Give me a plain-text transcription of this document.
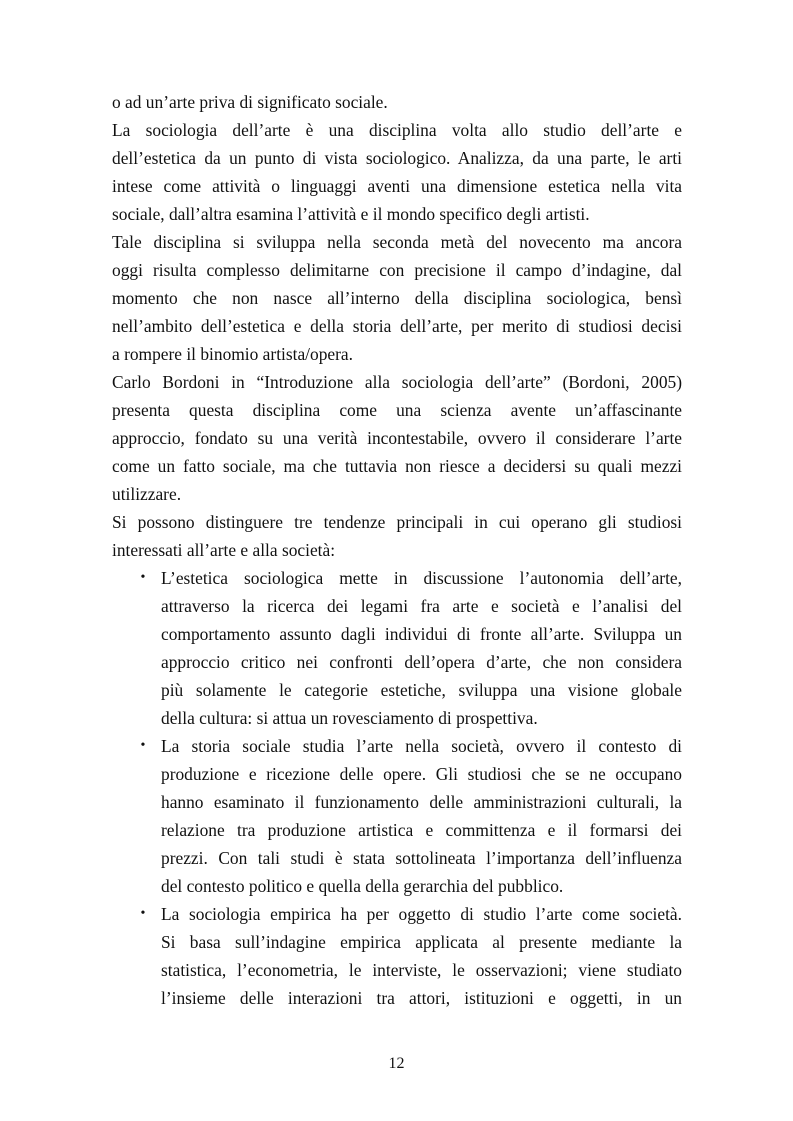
o ad un’arte priva di significato sociale.
La sociologia dell’arte è una disciplina volta allo studio dell’arte e
dell’estetica da un punto di vista sociologico. Analizza, da una parte, le arti
intese come attività o linguaggi aventi una dimensione estetica nella vita
sociale, dall’altra esamina l’attività e il mondo specifico degli artisti.
Tale disciplina si sviluppa nella seconda metà del novecento ma ancora
oggi risulta complesso delimitarne con precisione il campo d’indagine, dal
momento che non nasce all’interno della disciplina sociologica, bensì
nell’ambito dell’estetica e della storia dell’arte, per merito di studiosi decisi
a rompere il binomio artista/opera.
Carlo Bordoni in “Introduzione alla sociologia dell’arte” (Bordoni, 2005)
presenta questa disciplina come una scienza avente un’affascinante
approccio, fondato su una verità incontestabile, ovvero il considerare l’arte
come un fatto sociale, ma che tuttavia non riesce a decidersi su quali mezzi
utilizzare.
Si possono distinguere tre tendenze principali in cui operano gli studiosi
interessati all’arte e alla società:
• L’estetica sociologica mette in discussione l’autonomia dell’arte,
attraverso la ricerca dei legami fra arte e società e l’analisi del
comportamento assunto dagli individui di fronte all’arte. Sviluppa un
approccio critico nei confronti dell’opera d’arte, che non considera
più solamente le categorie estetiche, sviluppa una visione globale
della cultura: si attua un rovesciamento di prospettiva.
• La storia sociale studia l’arte nella società, ovvero il contesto di
produzione e ricezione delle opere. Gli studiosi che se ne occupano
hanno esaminato il funzionamento delle amministrazioni culturali, la
relazione tra produzione artistica e committenza e il formarsi dei
prezzi. Con tali studi è stata sottolineata l’importanza dell’influenza
del contesto politico e quella della gerarchia del pubblico.
• La sociologia empirica ha per oggetto di studio l’arte come società.
Si basa sull’indagine empirica applicata al presente mediante la
statistica, l’econometria, le interviste, le osservazioni; viene studiato
l’insieme delle interazioni tra attori, istituzioni e oggetti, in un
12
